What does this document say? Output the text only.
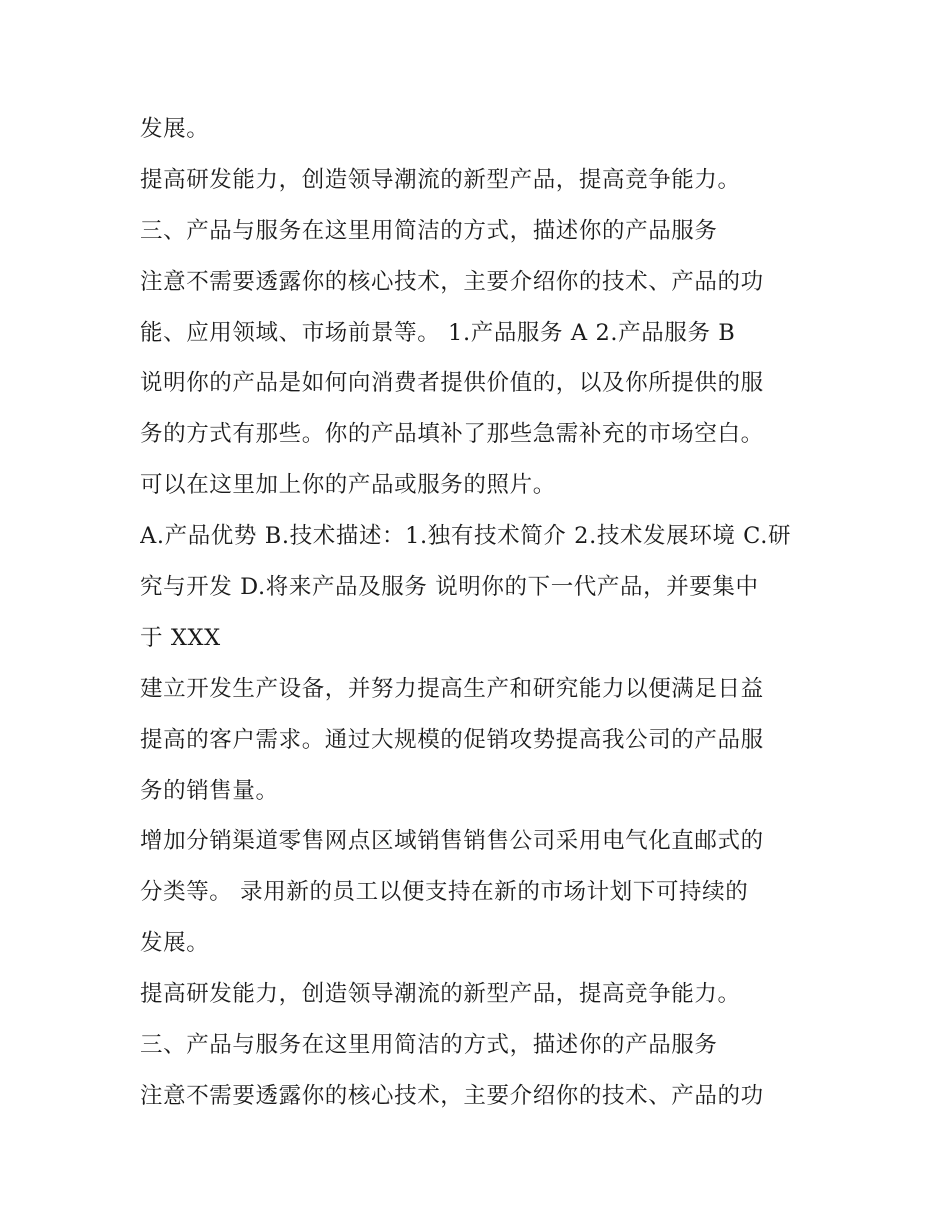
发展。
提高研发能力，创造领导潮流的新型产品，提高竞争能力。
三、产品与服务在这里用简洁的方式，描述你的产品服务
注意不需要透露你的核心技术，主要介绍你的技术、产品的功
能、应用领域、市场前景等。 1.产品服务 A 2.产品服务 B
说明你的产品是如何向消费者提供价值的，以及你所提供的服
务的方式有那些。你的产品填补了那些急需补充的市场空白。
可以在这里加上你的产品或服务的照片。
A.产品优势 B.技术描述：1.独有技术简介 2.技术发展环境 C.研
究与开发 D.将来产品及服务 说明你的下一代产品，并要集中
于 XXX
建立开发生产设备，并努力提高生产和研究能力以便满足日益
提高的客户需求。通过大规模的促销攻势提高我公司的产品服
务的销售量。
增加分销渠道零售网点区域销售销售公司采用电气化直邮式的
分类等。 录用新的员工以便支持在新的市场计划下可持续的
发展。
提高研发能力，创造领导潮流的新型产品，提高竞争能力。
三、产品与服务在这里用简洁的方式，描述你的产品服务
注意不需要透露你的核心技术，主要介绍你的技术、产品的功
